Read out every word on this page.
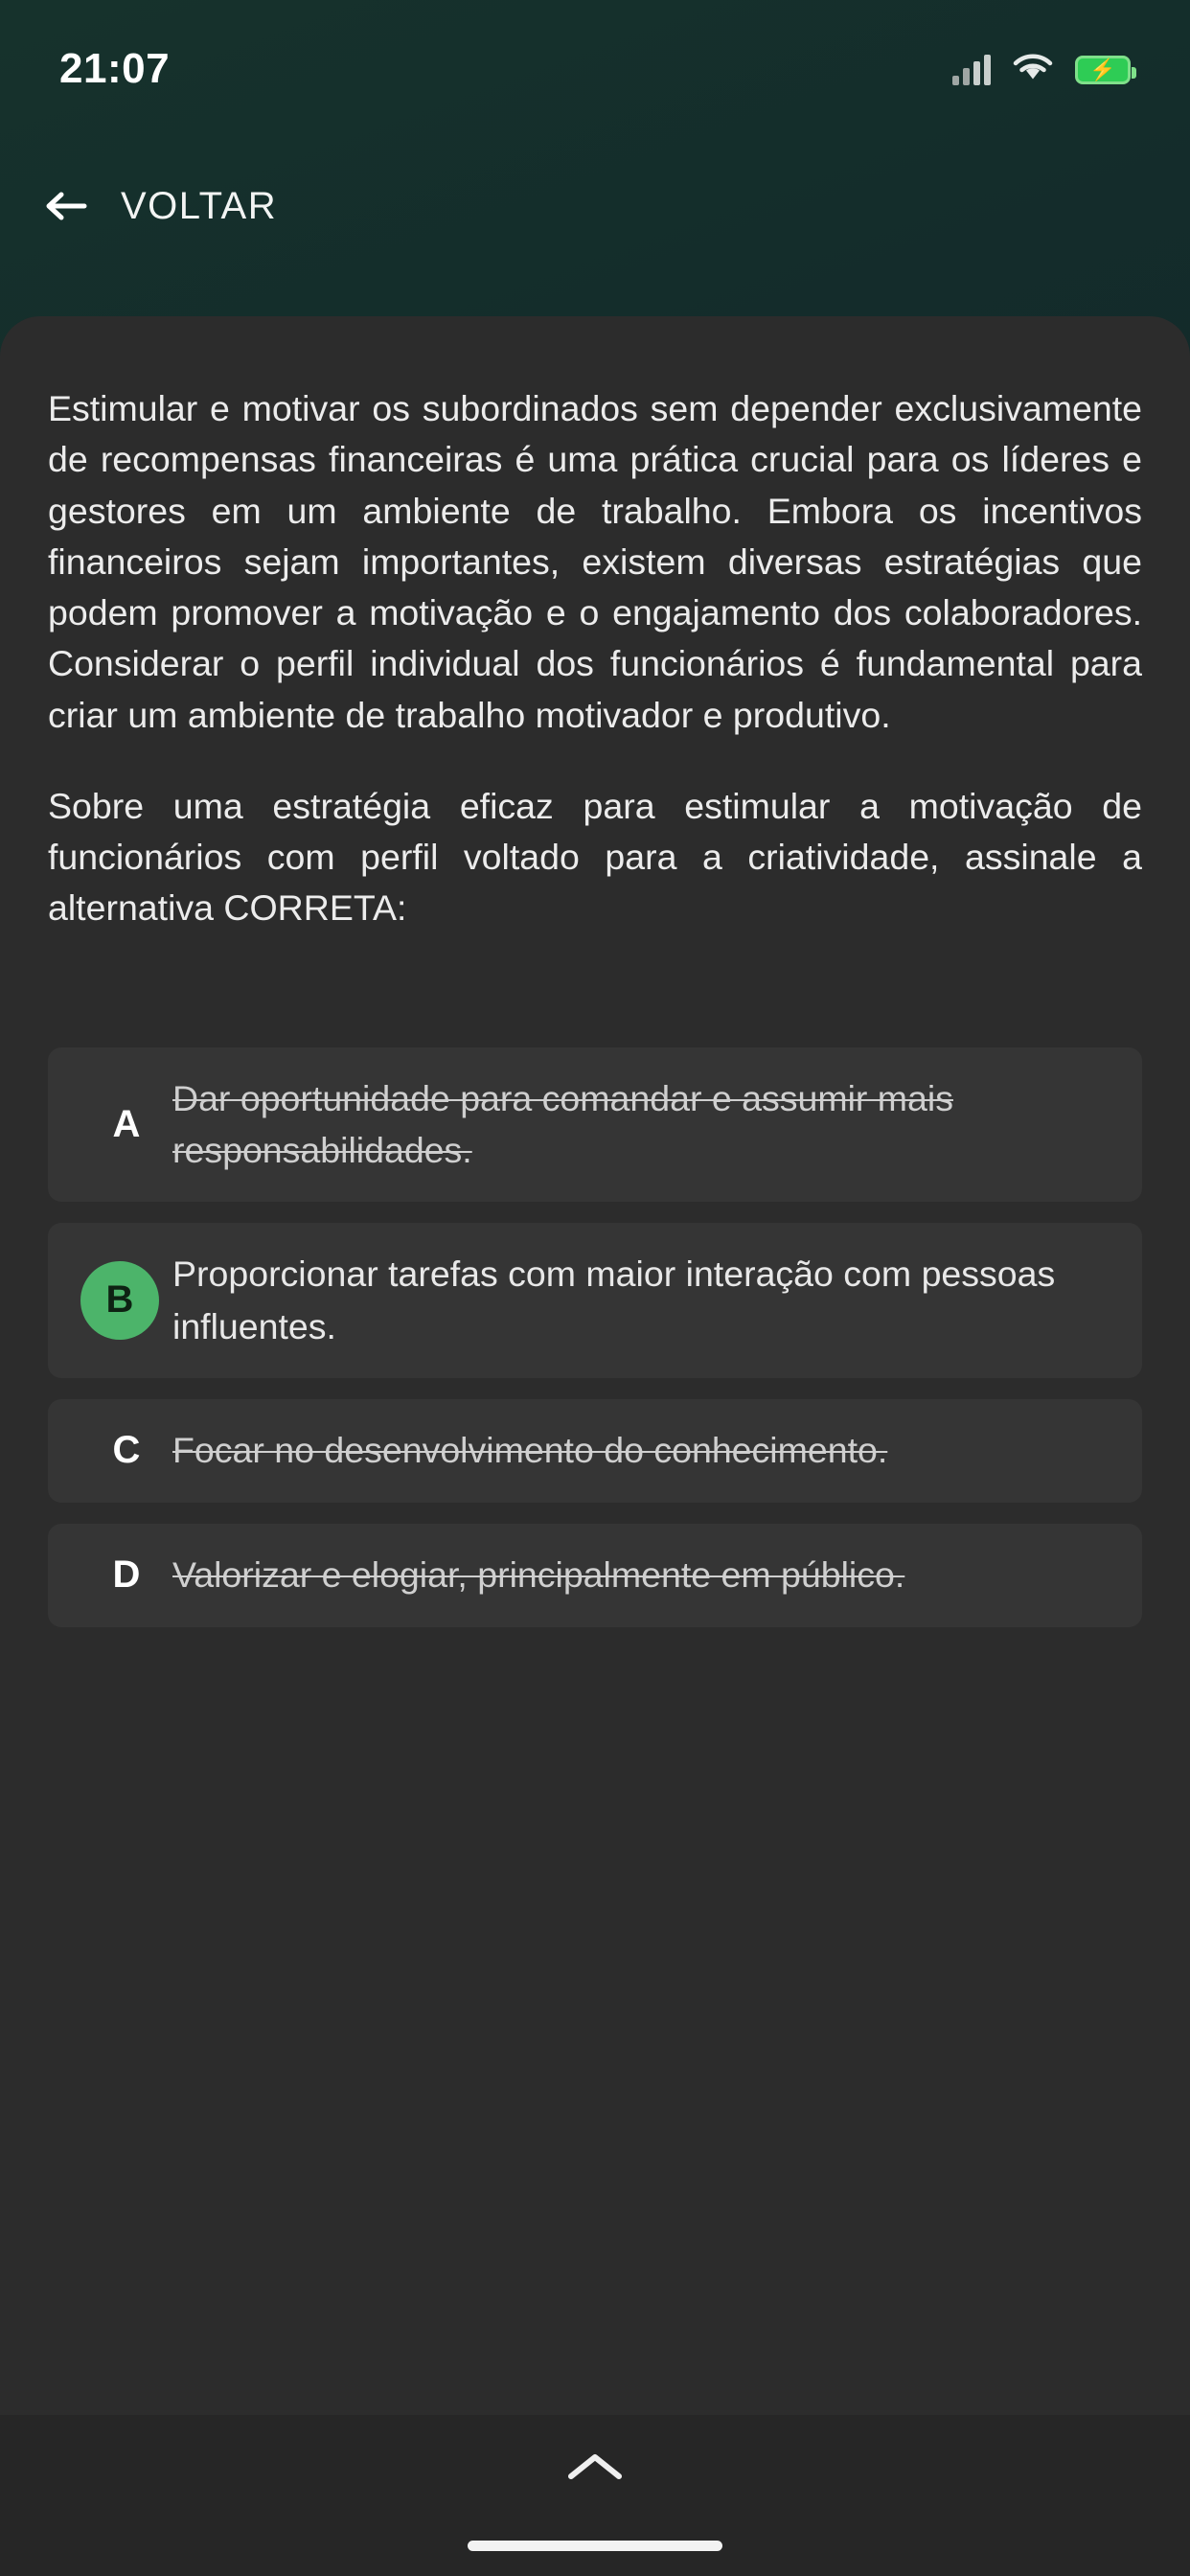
21:07	⚡
VOLTAR

Estimular e motivar os subordinados sem depender exclusivamente de recompensas financeiras é uma prática crucial para os líderes e gestores em um ambiente de trabalho. Embora os incentivos financeiros sejam importantes, existem diversas estratégias que podem promover a motivação e o engajamento dos colaboradores. Considerar o perfil individual dos funcionários é fundamental para criar um ambiente de trabalho motivador e produtivo.

Sobre uma estratégia eficaz para estimular a motivação de funcionários com perfil voltado para a criatividade, assinale a alternativa CORRETA:

A
Dar oportunidade para comandar e assumir mais responsabilidades.
B
Proporcionar tarefas com maior interação com pessoas influentes.
C Focar no desenvolvimento do conhecimento.
D Valorizar e elogiar, principalmente em público.
